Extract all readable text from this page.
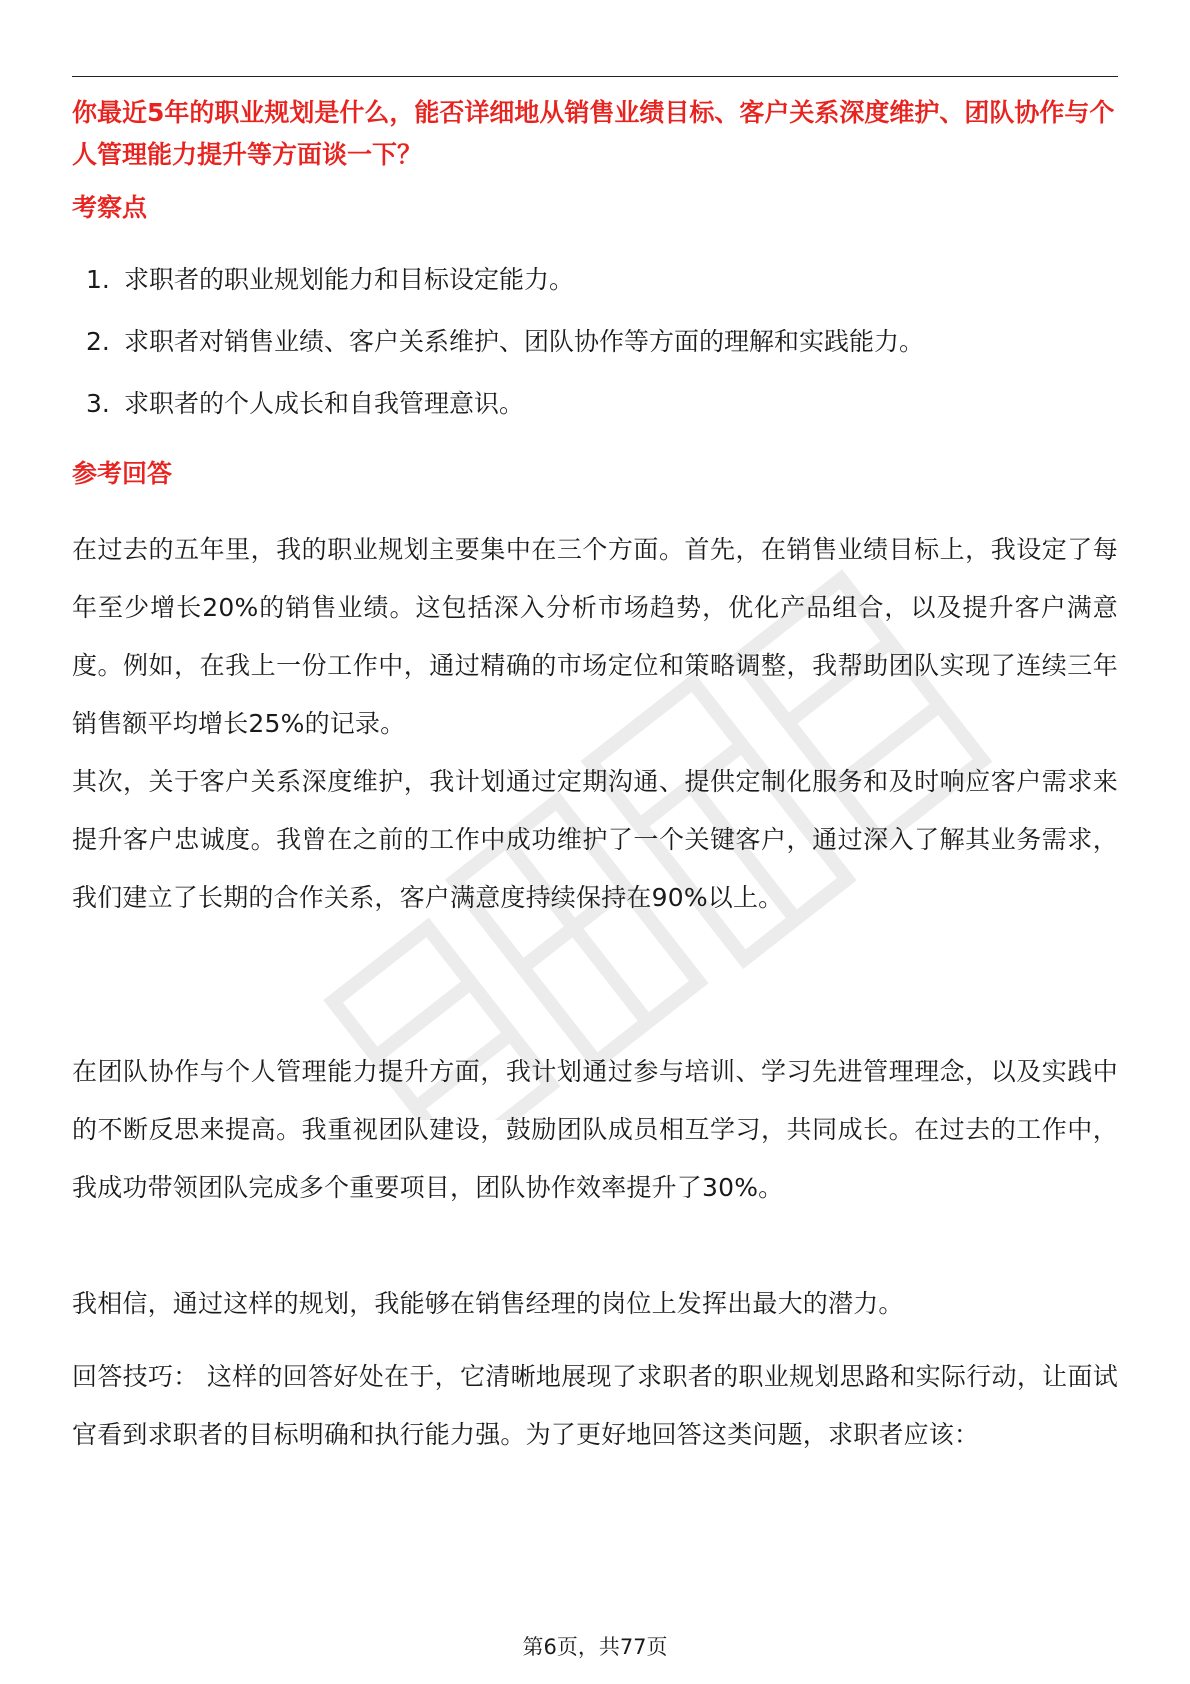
你最近5年的职业规划是什么，能否详细地从销售业绩目标、客户关系深度维护、团队协作与个人管理能力提升等方面谈一下？

考察点
1. 求职者的职业规划能力和目标设定能力。
2. 求职者对销售业绩、客户关系维护、团队协作等方面的理解和实践能力。
3. 求职者的个人成长和自我管理意识。
参考回答

在过去的五年里，我的职业规划主要集中在三个方面。首先，在销售业绩目标上，我设定了每年至少增长20%的销售业绩。这包括深入分析市场趋势，优化产品组合，以及提升客户满意度。例如，在我上一份工作中，通过精确的市场定位和策略调整，我帮助团队实现了连续三年销售额平均增长25%的记录。

其次，关于客户关系深度维护，我计划通过定期沟通、提供定制化服务和及时响应客户需求来提升客户忠诚度。我曾在之前的工作中成功维护了一个关键客户，通过深入了解其业务需求，我们建立了长期的合作关系，客户满意度持续保持在90%以上。

在团队协作与个人管理能力提升方面，我计划通过参与培训、学习先进管理理念，以及实践中的不断反思来提高。我重视团队建设，鼓励团队成员相互学习，共同成长。在过去的工作中，我成功带领团队完成多个重要项目，团队协作效率提升了30%。

我相信，通过这样的规划，我能够在销售经理的岗位上发挥出最大的潜力。

回答技巧： 这样的回答好处在于，它清晰地展现了求职者的职业规划思路和实际行动，让面试官看到求职者的目标明确和执行能力强。为了更好地回答这类问题，求职者应该：

第6页，共77页
